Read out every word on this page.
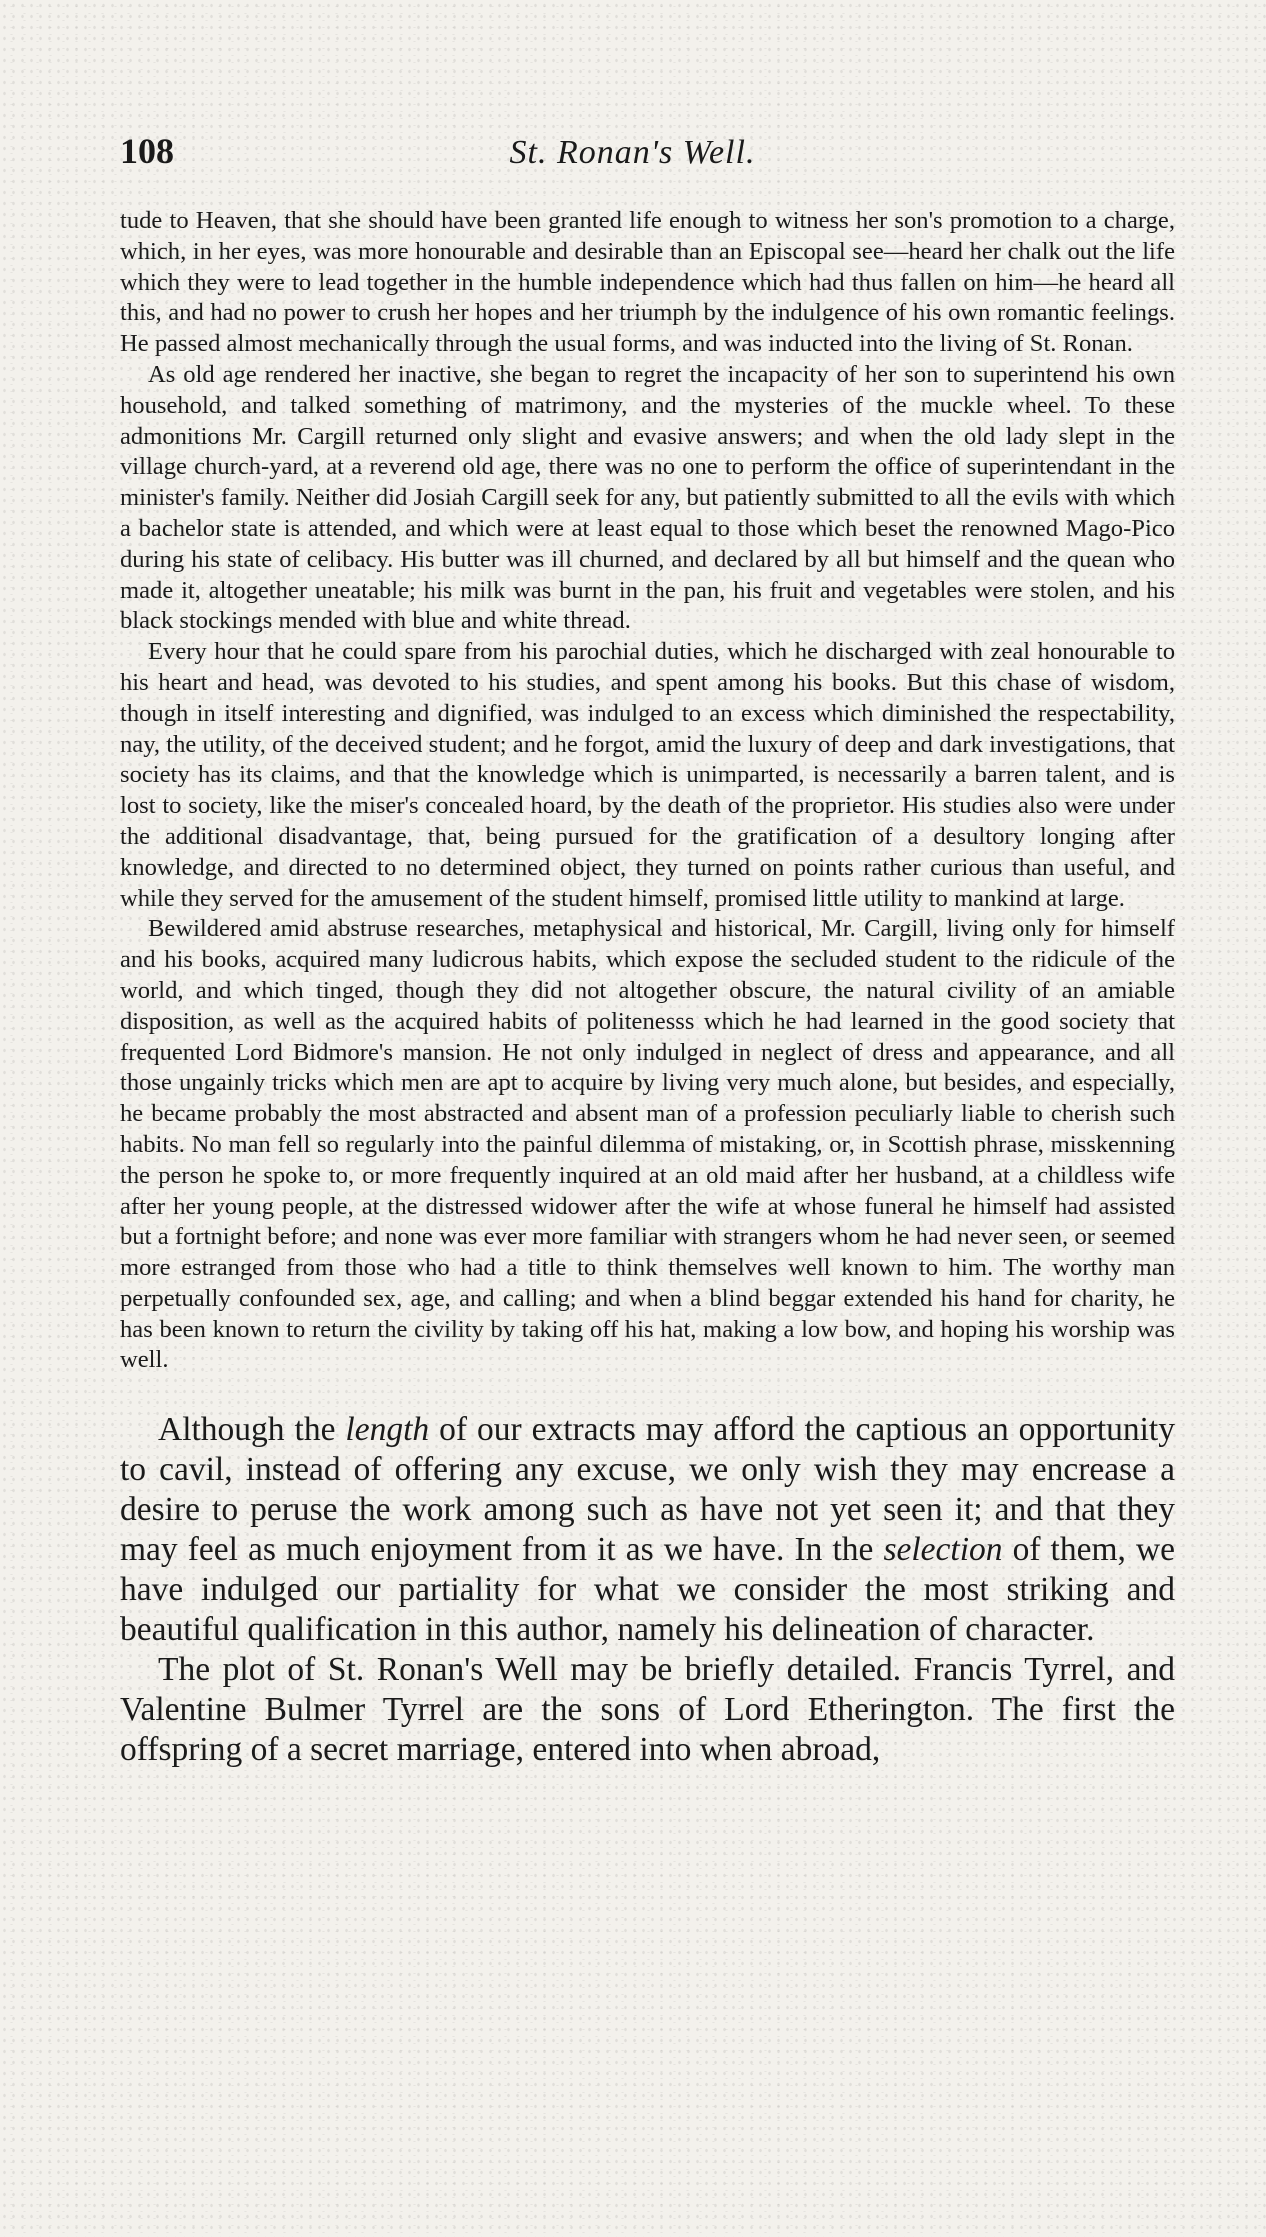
108	St. Ronan's Well.

tude to Heaven, that she should have been granted life enough to witness her son's promotion to a charge, which, in her eyes, was more honourable and desirable than an Episcopal see—heard her chalk out the life which they were to lead together in the humble independence which had thus fallen on him—he heard all this, and had no power to crush her hopes and her triumph by the indulgence of his own romantic feelings. He passed almost mechanically through the usual forms, and was inducted into the living of St. Ronan.

As old age rendered her inactive, she began to regret the incapacity of her son to superintend his own household, and talked something of matrimony, and the mysteries of the muckle wheel. To these admonitions Mr. Cargill returned only slight and evasive answers; and when the old lady slept in the village church-yard, at a reverend old age, there was no one to perform the office of superintendant in the minister's family. Neither did Josiah Cargill seek for any, but patiently submitted to all the evils with which a bachelor state is attended, and which were at least equal to those which beset the renowned Mago-Pico during his state of celibacy. His butter was ill churned, and declared by all but himself and the quean who made it, altogether uneatable; his milk was burnt in the pan, his fruit and vegetables were stolen, and his black stockings mended with blue and white thread.

Every hour that he could spare from his parochial duties, which he discharged with zeal honourable to his heart and head, was devoted to his studies, and spent among his books. But this chase of wisdom, though in itself interesting and dignified, was indulged to an excess which diminished the respectability, nay, the utility, of the deceived student; and he forgot, amid the luxury of deep and dark investigations, that society has its claims, and that the knowledge which is unimparted, is necessarily a barren talent, and is lost to society, like the miser's concealed hoard, by the death of the proprietor. His studies also were under the additional disadvantage, that, being pursued for the gratification of a desultory longing after knowledge, and directed to no determined object, they turned on points rather curious than useful, and while they served for the amusement of the student himself, promised little utility to mankind at large.

Bewildered amid abstruse researches, metaphysical and historical, Mr. Cargill, living only for himself and his books, acquired many ludicrous habits, which expose the secluded student to the ridicule of the world, and which tinged, though they did not altogether obscure, the natural civility of an amiable disposition, as well as the acquired habits of politenesss which he had learned in the good society that frequented Lord Bidmore's mansion. He not only indulged in neglect of dress and appearance, and all those ungainly tricks which men are apt to acquire by living very much alone, but besides, and especially, he became probably the most abstracted and absent man of a profession peculiarly liable to cherish such habits. No man fell so regularly into the painful dilemma of mistaking, or, in Scottish phrase, misskenning the person he spoke to, or more frequently inquired at an old maid after her husband, at a childless wife after her young people, at the distressed widower after the wife at whose funeral he himself had assisted but a fortnight before; and none was ever more familiar with strangers whom he had never seen, or seemed more estranged from those who had a title to think themselves well known to him. The worthy man perpetually confounded sex, age, and calling; and when a blind beggar extended his hand for charity, he has been known to return the civility by taking off his hat, making a low bow, and hoping his worship was well.

Although the length of our extracts may afford the captious an opportunity to cavil, instead of offering any excuse, we only wish they may encrease a desire to peruse the work among such as have not yet seen it; and that they may feel as much enjoyment from it as we have. In the selection of them, we have indulged our partiality for what we consider the most striking and beautiful qualification in this author, namely his delineation of character.

The plot of St. Ronan's Well may be briefly detailed. Francis Tyrrel, and Valentine Bulmer Tyrrel are the sons of Lord Etherington. The first the offspring of a secret marriage, entered into when abroad,
